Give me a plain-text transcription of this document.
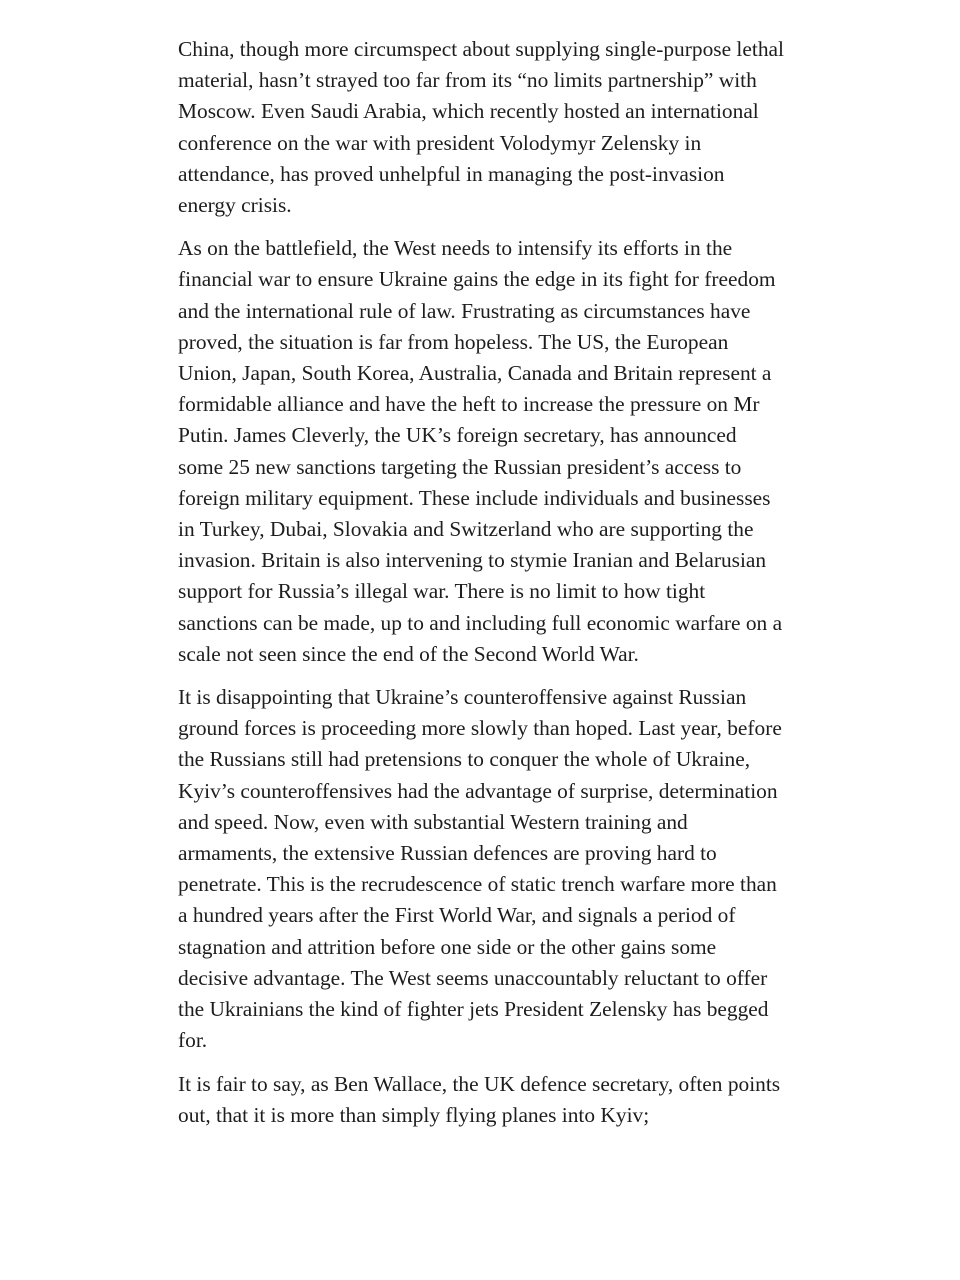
China, though more circumspect about supplying single-purpose lethal material, hasn’t strayed too far from its “no limits partnership” with Moscow. Even Saudi Arabia, which recently hosted an international conference on the war with president Volodymyr Zelensky in attendance, has proved unhelpful in managing the post-invasion energy crisis.

As on the battlefield, the West needs to intensify its efforts in the financial war to ensure Ukraine gains the edge in its fight for freedom and the international rule of law. Frustrating as circumstances have proved, the situation is far from hopeless. The US, the European Union, Japan, South Korea, Australia, Canada and Britain represent a formidable alliance and have the heft to increase the pressure on Mr Putin. James Cleverly, the UK’s foreign secretary, has announced some 25 new sanctions targeting the Russian president’s access to foreign military equipment. These include individuals and businesses in Turkey, Dubai, Slovakia and Switzerland who are supporting the invasion. Britain is also intervening to stymie Iranian and Belarusian support for Russia’s illegal war. There is no limit to how tight sanctions can be made, up to and including full economic warfare on a scale not seen since the end of the Second World War.

It is disappointing that Ukraine’s counteroffensive against Russian ground forces is proceeding more slowly than hoped. Last year, before the Russians still had pretensions to conquer the whole of Ukraine, Kyiv’s counteroffensives had the advantage of surprise, determination and speed. Now, even with substantial Western training and armaments, the extensive Russian defences are proving hard to penetrate. This is the recrudescence of static trench warfare more than a hundred years after the First World War, and signals a period of stagnation and attrition before one side or the other gains some decisive advantage. The West seems unaccountably reluctant to offer the Ukrainians the kind of fighter jets President Zelensky has begged for.

It is fair to say, as Ben Wallace, the UK defence secretary, often points out, that it is more than simply flying planes into Kyiv;
